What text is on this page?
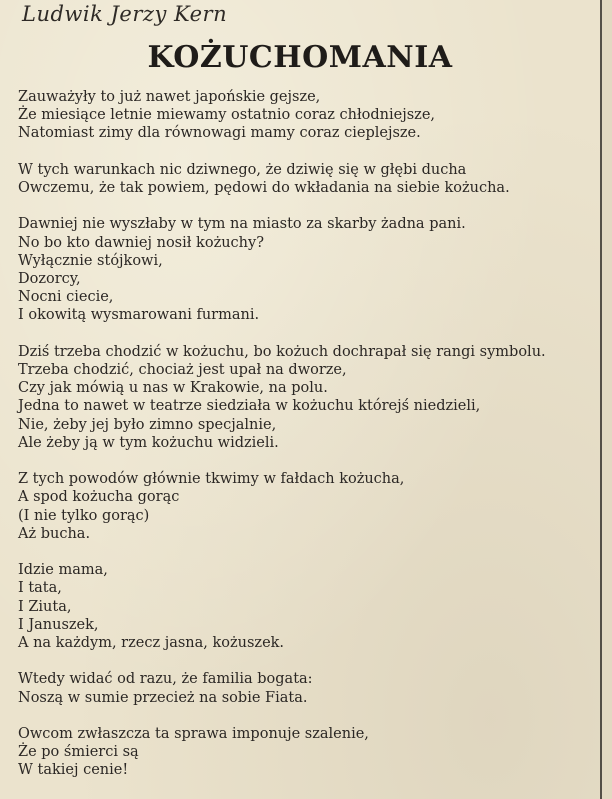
Ludwik Jerzy Kern
KOŻUCHOMANIA
Zauważyły to już nawet japońskie gejsze,
Że miesiące letnie miewamy ostatnio coraz chłodniejsze,
Natomiast zimy dla równowagi mamy coraz cieplejsze.
W tych warunkach nic dziwnego, że dziwię się w głębi ducha
Owczemu, że tak powiem, pędowi do wkładania na siebie kożucha.
Dawniej nie wyszłaby w tym na miasto za skarby żadna pani.
No bo kto dawniej nosił kożuchy?
Wyłącznie stójkowi,
Dozorcy,
Nocni ciecie,
I okowitą wysmarowani furmani.
Dziś trzeba chodzić w kożuchu, bo kożuch dochrapał się rangi symbolu.
Trzeba chodzić, chociaż jest upał na dworze,
Czy jak mówią u nas w Krakowie, na polu.
Jedna to nawet w teatrze siedziała w kożuchu którejś niedzieli,
Nie, żeby jej było zimno specjalnie,
Ale żeby ją w tym kożuchu widzieli.
Z tych powodów głównie tkwimy w fałdach kożucha,
A spod kożucha gorąc
(I nie tylko gorąc)
Aż bucha.
Idzie mama,
I tata,
I Ziuta,
I Januszek,
A na każdym, rzecz jasna, kożuszek.
Wtedy widać od razu, że familia bogata:
Noszą w sumie przecież na sobie Fiata.
Owcom zwłaszcza ta sprawa imponuje szalenie,
Że po śmierci są
W takiej cenie!
